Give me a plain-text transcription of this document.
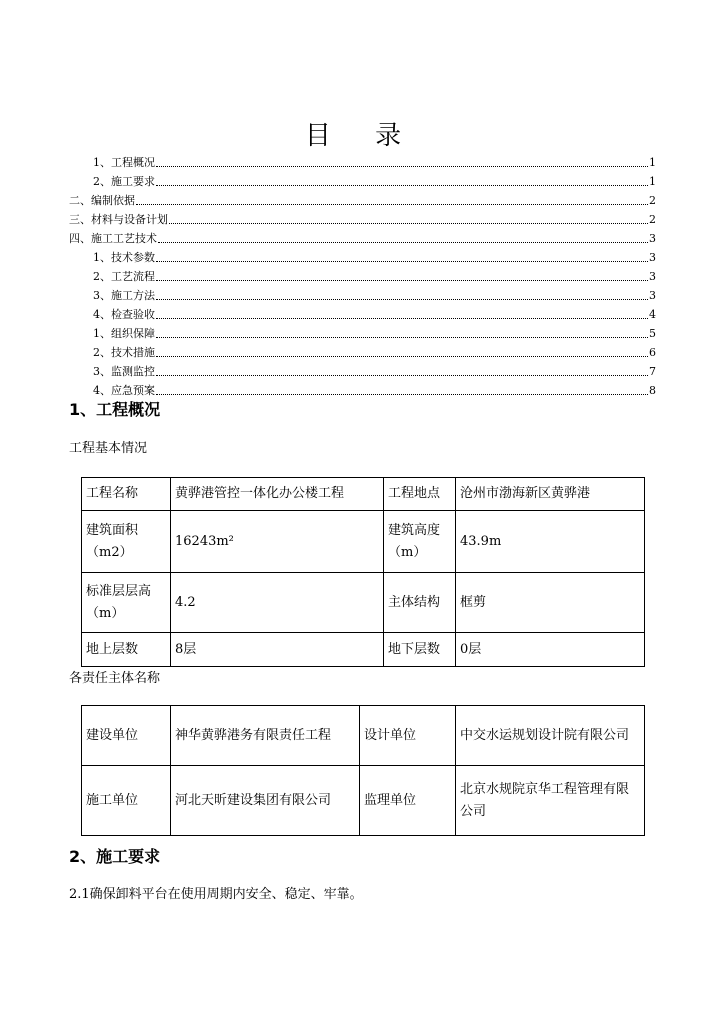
目 录
1、工程概况	1
2、施工要求	1
二、编制依据	2
三、材料与设备计划	2
四、施工工艺技术	3
1、技术参数	3
2、工艺流程	3
3、施工方法	3
4、检查验收	4
1、组织保障	5
2、技术措施	6
3、监测监控	7
4、应急预案	8
1、工程概况
工程基本情况
工程名称	黄骅港管控一体化办公楼工程	工程地点	沧州市渤海新区黄骅港
建筑面积（m2）	16243m²	建筑高度（m）	43.9m
标准层层高（m）	4.2	主体结构	框剪
地上层数	8层	地下层数	0层
各责任主体名称
建设单位	神华黄骅港务有限责任工程	设计单位	中交水运规划设计院有限公司
施工单位	河北天昕建设集团有限公司	监理单位	北京水规院京华工程管理有限公司
2、施工要求
2.1确保卸料平台在使用周期内安全、稳定、牢靠。
